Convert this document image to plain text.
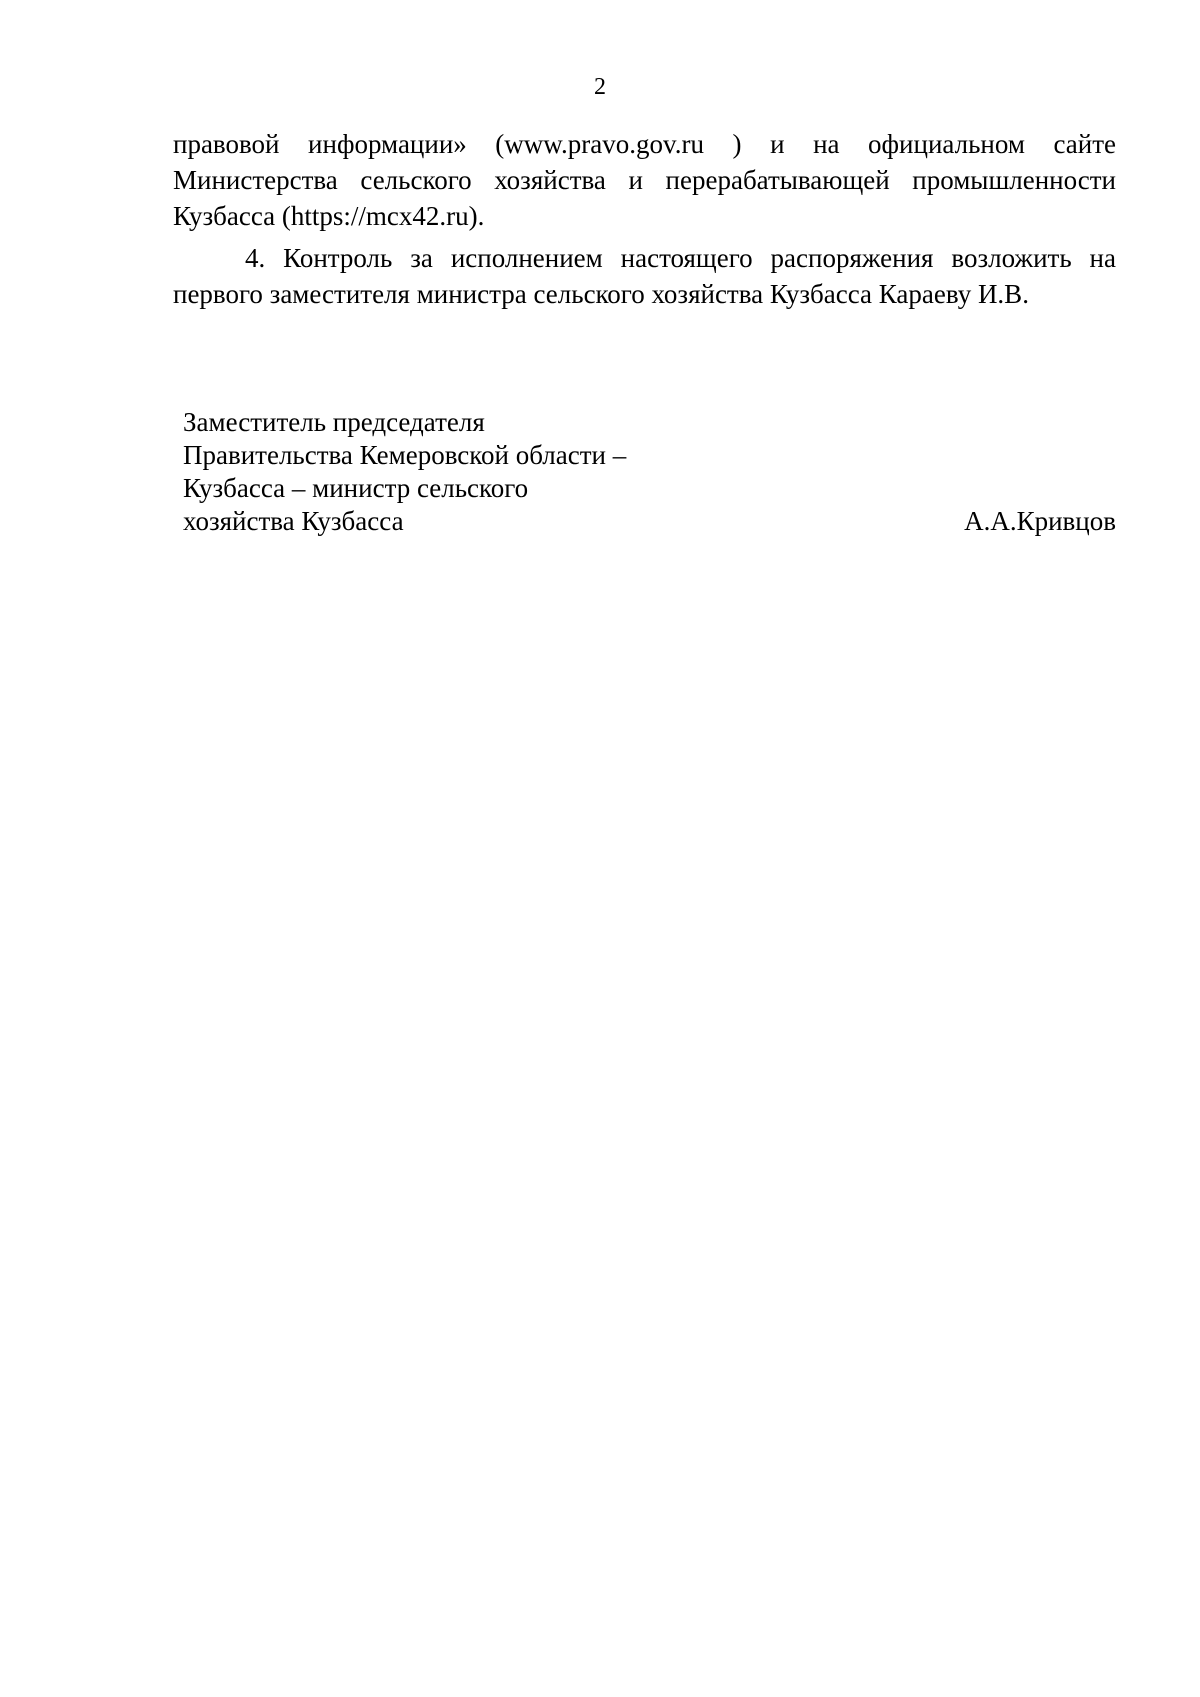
2
правовой информации» (www.pravo.gov.ru ) и на официальном сайте
Министерства сельского хозяйства и перерабатывающей промышленности
Кузбасса (https://mcx42.ru).
4. Контроль за исполнением настоящего распоряжения возложить на
первого заместителя министра сельского хозяйства Кузбасса Караеву И.В.
Заместитель председателя
Правительства Кемеровской области –
Кузбасса – министр сельского
хозяйства Кузбасса	А.А.Кривцов
